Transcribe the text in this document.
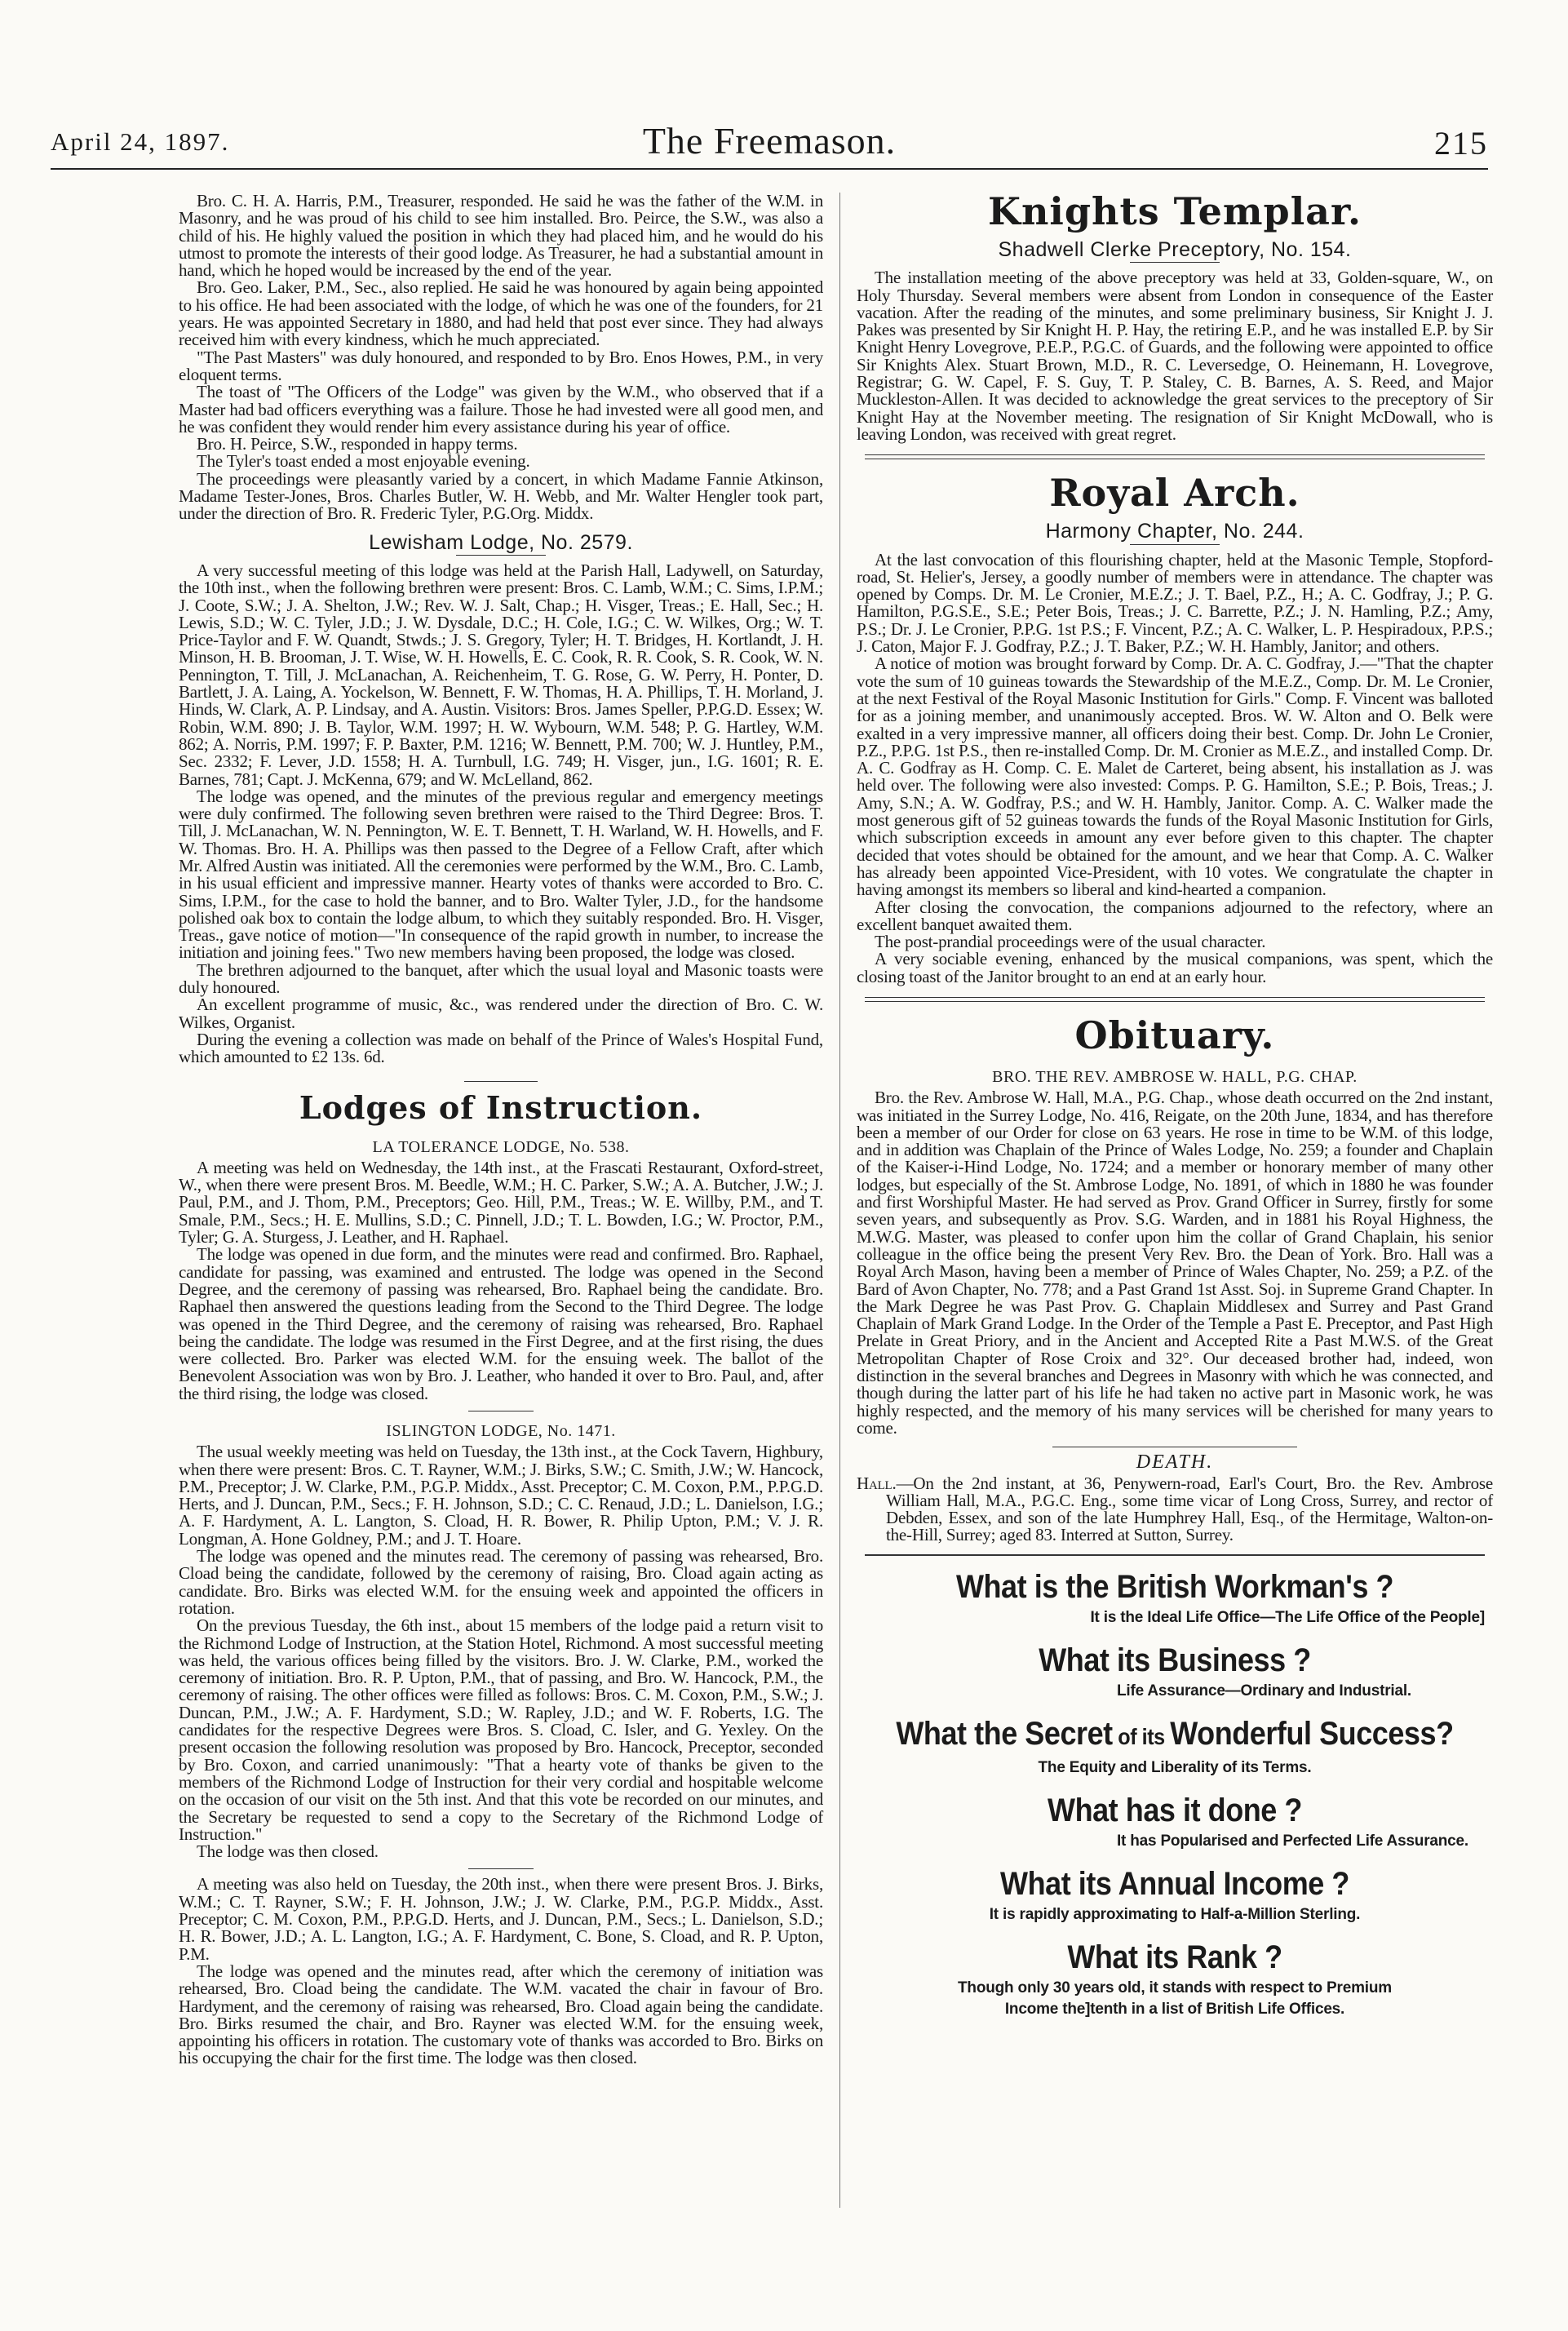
April 24, 1897.	The Freemason.	215

Bro. C. H. A. Harris, P.M., Treasurer, responded. He said he was the father of the W.M. in Masonry, and he was proud of his child to see him installed. Bro. Peirce, the S.W., was also a child of his. He highly valued the position in which they had placed him, and he would do his utmost to promote the interests of their good lodge. As Treasurer, he had a substantial amount in hand, which he hoped would be increased by the end of the year.

Bro. Geo. Laker, P.M., Sec., also replied. He said he was honoured by again being appointed to his office. He had been associated with the lodge, of which he was one of the founders, for 21 years. He was appointed Secretary in 1880, and had held that post ever since. They had always received him with every kindness, which he much appreciated.

"The Past Masters" was duly honoured, and responded to by Bro. Enos Howes, P.M., in very eloquent terms.

The toast of "The Officers of the Lodge" was given by the W.M., who observed that if a Master had bad officers everything was a failure. Those he had invested were all good men, and he was confident they would render him every assistance during his year of office.

Bro. H. Peirce, S.W., responded in happy terms.

The Tyler's toast ended a most enjoyable evening.

The proceedings were pleasantly varied by a concert, in which Madame Fannie Atkinson, Madame Tester-Jones, Bros. Charles Butler, W. H. Webb, and Mr. Walter Hengler took part, under the direction of Bro. R. Frederic Tyler, P.G.Org. Middx.

Lewisham Lodge, No. 2579.

A very successful meeting of this lodge was held at the Parish Hall, Ladywell, on Saturday, the 10th inst., when the following brethren were present: Bros. C. Lamb, W.M.; C. Sims, I.P.M.; J. Coote, S.W.; J. A. Shelton, J.W.; Rev. W. J. Salt, Chap.; H. Visger, Treas.; E. Hall, Sec.; H. Lewis, S.D.; W. C. Tyler, J.D.; J. W. Dysdale, D.C.; H. Cole, I.G.; C. W. Wilkes, Org.; W. T. Price-Taylor and F. W. Quandt, Stwds.; J. S. Gregory, Tyler; H. T. Bridges, H. Kortlandt, J. H. Minson, H. B. Brooman, J. T. Wise, W. H. Howells, E. C. Cook, R. R. Cook, S. R. Cook, W. N. Pennington, T. Till, J. McLanachan, A. Reichenheim, T. G. Rose, G. W. Perry, H. Ponter, D. Bartlett, J. A. Laing, A. Yockelson, W. Bennett, F. W. Thomas, H. A. Phillips, T. H. Morland, J. Hinds, W. Clark, A. P. Lindsay, and A. Austin. Visitors: Bros. James Speller, P.P.G.D. Essex; W. Robin, W.M. 890; J. B. Taylor, W.M. 1997; H. W. Wybourn, W.M. 548; P. G. Hartley, W.M. 862; A. Norris, P.M. 1997; F. P. Baxter, P.M. 1216; W. Bennett, P.M. 700; W. J. Huntley, P.M., Sec. 2332; F. Lever, J.D. 1558; H. A. Turnbull, I.G. 749; H. Visger, jun., I.G. 1601; R. E. Barnes, 781; Capt. J. McKenna, 679; and W. McLelland, 862.

The lodge was opened, and the minutes of the previous regular and emergency meetings were duly confirmed. The following seven brethren were raised to the Third Degree: Bros. T. Till, J. McLanachan, W. N. Pennington, W. E. T. Bennett, T. H. Warland, W. H. Howells, and F. W. Thomas. Bro. H. A. Phillips was then passed to the Degree of a Fellow Craft, after which Mr. Alfred Austin was initiated. All the ceremonies were performed by the W.M., Bro. C. Lamb, in his usual efficient and impressive manner. Hearty votes of thanks were accorded to Bro. C. Sims, I.P.M., for the case to hold the banner, and to Bro. Walter Tyler, J.D., for the handsome polished oak box to contain the lodge album, to which they suitably responded. Bro. H. Visger, Treas., gave notice of motion—"In consequence of the rapid growth in number, to increase the initiation and joining fees." Two new members having been proposed, the lodge was closed.

The brethren adjourned to the banquet, after which the usual loyal and Masonic toasts were duly honoured.

An excellent programme of music, &c., was rendered under the direction of Bro. C. W. Wilkes, Organist.

During the evening a collection was made on behalf of the Prince of Wales's Hospital Fund, which amounted to £2 13s. 6d.

Lodges of Instruction.
LA TOLERANCE LODGE, No. 538.

A meeting was held on Wednesday, the 14th inst., at the Frascati Restaurant, Oxford-street, W., when there were present Bros. M. Beedle, W.M.; H. C. Parker, S.W.; A. A. Butcher, J.W.; J. Paul, P.M., and J. Thom, P.M., Preceptors; Geo. Hill, P.M., Treas.; W. E. Willby, P.M., and T. Smale, P.M., Secs.; H. E. Mullins, S.D.; C. Pinnell, J.D.; T. L. Bowden, I.G.; W. Proctor, P.M., Tyler; G. A. Sturgess, J. Leather, and H. Raphael.

The lodge was opened in due form, and the minutes were read and confirmed. Bro. Raphael, candidate for passing, was examined and entrusted. The lodge was opened in the Second Degree, and the ceremony of passing was rehearsed, Bro. Raphael being the candidate. Bro. Raphael then answered the questions leading from the Second to the Third Degree. The lodge was opened in the Third Degree, and the ceremony of raising was rehearsed, Bro. Raphael being the candidate. The lodge was resumed in the First Degree, and at the first rising, the dues were collected. Bro. Parker was elected W.M. for the ensuing week. The ballot of the Benevolent Association was won by Bro. J. Leather, who handed it over to Bro. Paul, and, after the third rising, the lodge was closed.

ISLINGTON LODGE, No. 1471.

The usual weekly meeting was held on Tuesday, the 13th inst., at the Cock Tavern, Highbury, when there were present: Bros. C. T. Rayner, W.M.; J. Birks, S.W.; C. Smith, J.W.; W. Hancock, P.M., Preceptor; J. W. Clarke, P.M., P.G.P. Middx., Asst. Preceptor; C. M. Coxon, P.M., P.P.G.D. Herts, and J. Duncan, P.M., Secs.; F. H. Johnson, S.D.; C. C. Renaud, J.D.; L. Danielson, I.G.; A. F. Hardyment, A. L. Langton, S. Cload, H. R. Bower, R. Philip Upton, P.M.; V. J. R. Longman, A. Hone Goldney, P.M.; and J. T. Hoare.

The lodge was opened and the minutes read. The ceremony of passing was rehearsed, Bro. Cload being the candidate, followed by the ceremony of raising, Bro. Cload again acting as candidate. Bro. Birks was elected W.M. for the ensuing week and appointed the officers in rotation.

On the previous Tuesday, the 6th inst., about 15 members of the lodge paid a return visit to the Richmond Lodge of Instruction, at the Station Hotel, Richmond. A most successful meeting was held, the various offices being filled by the visitors. Bro. J. W. Clarke, P.M., worked the ceremony of initiation. Bro. R. P. Upton, P.M., that of passing, and Bro. W. Hancock, P.M., the ceremony of raising. The other offices were filled as follows: Bros. C. M. Coxon, P.M., S.W.; J. Duncan, P.M., J.W.; A. F. Hardyment, S.D.; W. Rapley, J.D.; and W. F. Roberts, I.G. The candidates for the respective Degrees were Bros. S. Cload, C. Isler, and G. Yexley. On the present occasion the following resolution was proposed by Bro. Hancock, Preceptor, seconded by Bro. Coxon, and carried unanimously: "That a hearty vote of thanks be given to the members of the Richmond Lodge of Instruction for their very cordial and hospitable welcome on the occasion of our visit on the 5th inst. And that this vote be recorded on our minutes, and the Secretary be requested to send a copy to the Secretary of the Richmond Lodge of Instruction."

The lodge was then closed.

A meeting was also held on Tuesday, the 20th inst., when there were present Bros. J. Birks, W.M.; C. T. Rayner, S.W.; F. H. Johnson, J.W.; J. W. Clarke, P.M., P.G.P. Middx., Asst. Preceptor; C. M. Coxon, P.M., P.P.G.D. Herts, and J. Duncan, P.M., Secs.; L. Danielson, S.D.; H. R. Bower, J.D.; A. L. Langton, I.G.; A. F. Hardyment, C. Bone, S. Cload, and R. P. Upton, P.M.

The lodge was opened and the minutes read, after which the ceremony of initiation was rehearsed, Bro. Cload being the candidate. The W.M. vacated the chair in favour of Bro. Hardyment, and the ceremony of raising was rehearsed, Bro. Cload again being the candidate. Bro. Birks resumed the chair, and Bro. Rayner was elected W.M. for the ensuing week, appointing his officers in rotation. The customary vote of thanks was accorded to Bro. Birks on his occupying the chair for the first time. The lodge was then closed.

Knights Templar.
Shadwell Clerke Preceptory, No. 154.

The installation meeting of the above preceptory was held at 33, Golden-square, W., on Holy Thursday. Several members were absent from London in consequence of the Easter vacation. After the reading of the minutes, and some preliminary business, Sir Knight J. J. Pakes was presented by Sir Knight H. P. Hay, the retiring E.P., and he was installed E.P. by Sir Knight Henry Lovegrove, P.E.P., P.G.C. of Guards, and the following were appointed to office Sir Knights Alex. Stuart Brown, M.D., R. C. Leversedge, O. Heinemann, H. Lovegrove, Registrar; G. W. Capel, F. S. Guy, T. P. Staley, C. B. Barnes, A. S. Reed, and Major Muckleston-Allen. It was decided to acknowledge the great services to the preceptory of Sir Knight Hay at the November meeting. The resignation of Sir Knight McDowall, who is leaving London, was received with great regret.

Royal Arch.
Harmony Chapter, No. 244.

At the last convocation of this flourishing chapter, held at the Masonic Temple, Stopford-road, St. Helier's, Jersey, a goodly number of members were in attendance. The chapter was opened by Comps. Dr. M. Le Cronier, M.E.Z.; J. T. Bael, P.Z., H.; A. C. Godfray, J.; P. G. Hamilton, P.G.S.E., S.E.; Peter Bois, Treas.; J. C. Barrette, P.Z.; J. N. Hamling, P.Z.; Amy, P.S.; Dr. J. Le Cronier, P.P.G. 1st P.S.; F. Vincent, P.Z.; A. C. Walker, L. P. Hespiradoux, P.P.S.; J. Caton, Major F. J. Godfray, P.Z.; J. T. Baker, P.Z.; W. H. Hambly, Janitor; and others.

A notice of motion was brought forward by Comp. Dr. A. C. Godfray, J.—"That the chapter vote the sum of 10 guineas towards the Stewardship of the M.E.Z., Comp. Dr. M. Le Cronier, at the next Festival of the Royal Masonic Institution for Girls." Comp. F. Vincent was balloted for as a joining member, and unanimously accepted. Bros. W. W. Alton and O. Belk were exalted in a very impressive manner, all officers doing their best. Comp. Dr. John Le Cronier, P.Z., P.P.G. 1st P.S., then re-installed Comp. Dr. M. Cronier as M.E.Z., and installed Comp. Dr. A. C. Godfray as H. Comp. C. E. Malet de Carteret, being absent, his installation as J. was held over. The following were also invested: Comps. P. G. Hamilton, S.E.; P. Bois, Treas.; J. Amy, S.N.; A. W. Godfray, P.S.; and W. H. Hambly, Janitor. Comp. A. C. Walker made the most generous gift of 52 guineas towards the funds of the Royal Masonic Institution for Girls, which subscription exceeds in amount any ever before given to this chapter. The chapter decided that votes should be obtained for the amount, and we hear that Comp. A. C. Walker has already been appointed Vice-President, with 10 votes. We congratulate the chapter in having amongst its members so liberal and kind-hearted a companion.

After closing the convocation, the companions adjourned to the refectory, where an excellent banquet awaited them.

The post-prandial proceedings were of the usual character.

A very sociable evening, enhanced by the musical companions, was spent, which the closing toast of the Janitor brought to an end at an early hour.

Obituary.
BRO. THE REV. AMBROSE W. HALL, P.G. CHAP.

Bro. the Rev. Ambrose W. Hall, M.A., P.G. Chap., whose death occurred on the 2nd instant, was initiated in the Surrey Lodge, No. 416, Reigate, on the 20th June, 1834, and has therefore been a member of our Order for close on 63 years. He rose in time to be W.M. of this lodge, and in addition was Chaplain of the Prince of Wales Lodge, No. 259; a founder and Chaplain of the Kaiser-i-Hind Lodge, No. 1724; and a member or honorary member of many other lodges, but especially of the St. Ambrose Lodge, No. 1891, of which in 1880 he was founder and first Worshipful Master. He had served as Prov. Grand Officer in Surrey, firstly for some seven years, and subsequently as Prov. S.G. Warden, and in 1881 his Royal Highness, the M.W.G. Master, was pleased to confer upon him the collar of Grand Chaplain, his senior colleague in the office being the present Very Rev. Bro. the Dean of York. Bro. Hall was a Royal Arch Mason, having been a member of Prince of Wales Chapter, No. 259; a P.Z. of the Bard of Avon Chapter, No. 778; and a Past Grand 1st Asst. Soj. in Supreme Grand Chapter. In the Mark Degree he was Past Prov. G. Chaplain Middlesex and Surrey and Past Grand Chaplain of Mark Grand Lodge. In the Order of the Temple a Past E. Preceptor, and Past High Prelate in Great Priory, and in the Ancient and Accepted Rite a Past M.W.S. of the Great Metropolitan Chapter of Rose Croix and 32°. Our deceased brother had, indeed, won distinction in the several branches and Degrees in Masonry with which he was connected, and though during the latter part of his life he had taken no active part in Masonic work, he was highly respected, and the memory of his many services will be cherished for many years to come.

DEATH.

Hall.—On the 2nd instant, at 36, Penywern-road, Earl's Court, Bro. the Rev. Ambrose William Hall, M.A., P.G.C. Eng., some time vicar of Long Cross, Surrey, and rector of Debden, Essex, and son of the late Humphrey Hall, Esq., of the Hermitage, Walton-on-the-Hill, Surrey; aged 83. Interred at Sutton, Surrey.

What is the British Workman's ?
It is the Ideal Life Office—The Life Office of the People]
What its Business ?
Life Assurance—Ordinary and Industrial.
What the Secret of its Wonderful Success?
The Equity and Liberality of its Terms.
What has it done ?
It has Popularised and Perfected Life Assurance.
What its Annual Income ?
It is rapidly approximating to Half-a-Million Sterling.
What its Rank ?
Though only 30 years old, it stands with respect to Premium
Income the]tenth in a list of British Life Offices.
